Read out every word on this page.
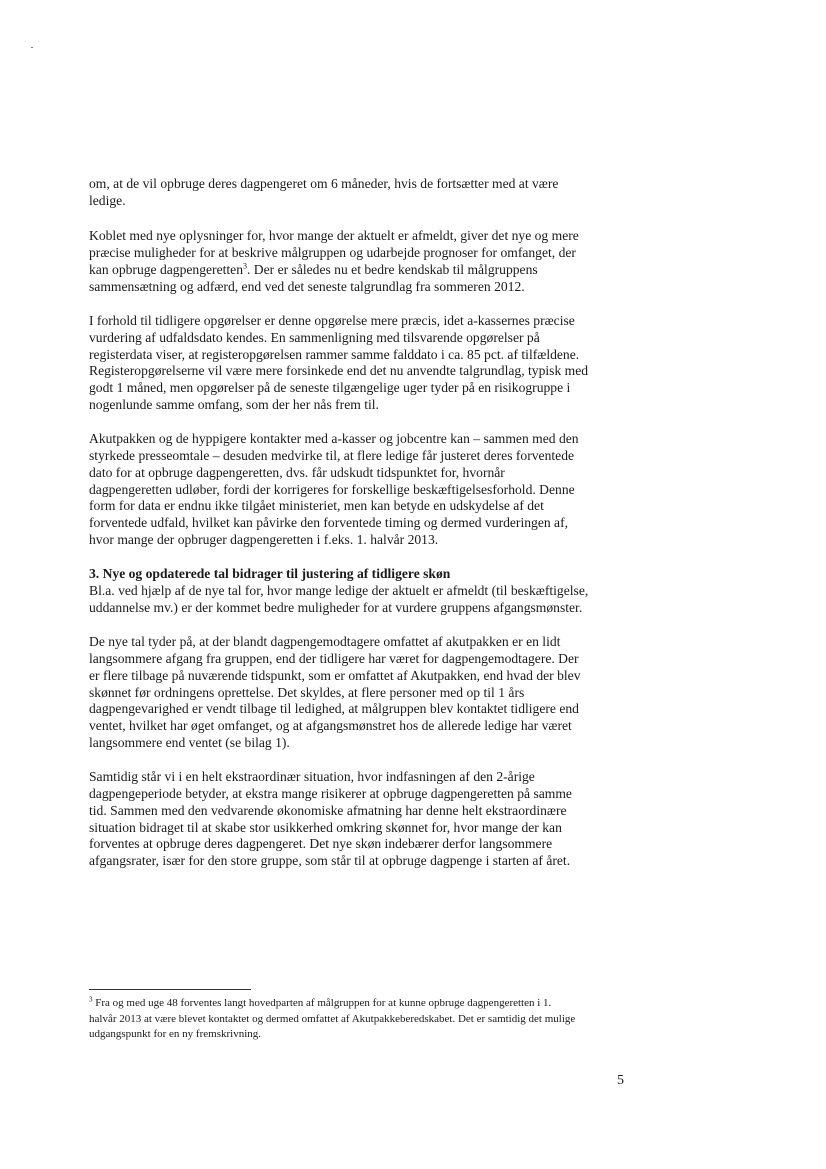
om, at de vil opbruge deres dagpengeret om 6 måneder, hvis de fortsætter med at være ledige.

Koblet med nye oplysninger for, hvor mange der aktuelt er afmeldt, giver det nye og mere præcise muligheder for at beskrive målgruppen og udarbejde prognoser for omfanget, der kan opbruge dagpengeretten$^3$. Der er således nu et bedre kendskab til målgruppens sammensætning og adfærd, end ved det seneste talgrundlag fra sommeren 2012.

I forhold til tidligere opgørelser er denne opgørelse mere præcis, idet a-kassernes præcise vurdering af udfaldsdato kendes. En sammenligning med tilsvarende opgørelser på registerdata viser, at registeropgørelsen rammer samme falddato i ca. 85 pct. af tilfældene. Registeropgørelserne vil være mere forsinkede end det nu anvendte talgrundlag, typisk med godt 1 måned, men opgørelser på de seneste tilgængelige uger tyder på en risikogruppe i nogenlunde samme omfang, som der her nås frem til.

Akutpakken og de hyppigere kontakter med a-kasser og jobcentre kan – sammen med den styrkede presseomtale – desuden medvirke til, at flere ledige får justeret deres forventede dato for at opbruge dagpengeretten, dvs. får udskudt tidspunktet for, hvornår dagpengeretten udløber, fordi der korrigeres for forskellige beskæftigelsesforhold. Denne form for data er endnu ikke tilgået ministeriet, men kan betyde en udskydelse af det forventede udfald, hvilket kan påvirke den forventede timing og dermed vurderingen af, hvor mange der opbruger dagpengeretten i f.eks. 1. halvår 2013.

3. Nye og opdaterede tal bidrager til justering af tidligere skøn

Bl.a. ved hjælp af de nye tal for, hvor mange ledige der aktuelt er afmeldt (til beskæftigelse, uddannelse mv.) er der kommet bedre muligheder for at vurdere gruppens afgangsmønster.

De nye tal tyder på, at der blandt dagpengemodtagere omfattet af akutpakken er en lidt langsommere afgang fra gruppen, end der tidligere har været for dagpengemodtagere. Der er flere tilbage på nuværende tidspunkt, som er omfattet af Akutpakken, end hvad der blev skønnet før ordningens oprettelse. Det skyldes, at flere personer med op til 1 års dagpengevarighed er vendt tilbage til ledighed, at målgruppen blev kontaktet tidligere end ventet, hvilket har øget omfanget, og at afgangsmønstret hos de allerede ledige har været langsommere end ventet (se bilag 1).

Samtidig står vi i en helt ekstraordinær situation, hvor indfasningen af den 2-årige dagpengeperiode betyder, at ekstra mange risikerer at opbruge dagpengeretten på samme tid. Sammen med den vedvarende økonomiske afmatning har denne helt ekstraordinære situation bidraget til at skabe stor usikkerhed omkring skønnet for, hvor mange der kan forventes at opbruge deres dagpengeret. Det nye skøn indebærer derfor langsommere afgangsrater, især for den store gruppe, som står til at opbruge dagpenge i starten af året.

$^3$ Fra og med uge 48 forventes langt hovedparten af målgruppen for at kunne opbruge dagpengeretten i 1. halvår 2013 at være blevet kontaktet og dermed omfattet af Akutpakkeberedskabet. Det er samtidig det mulige udgangspunkt for en ny fremskrivning.
5
